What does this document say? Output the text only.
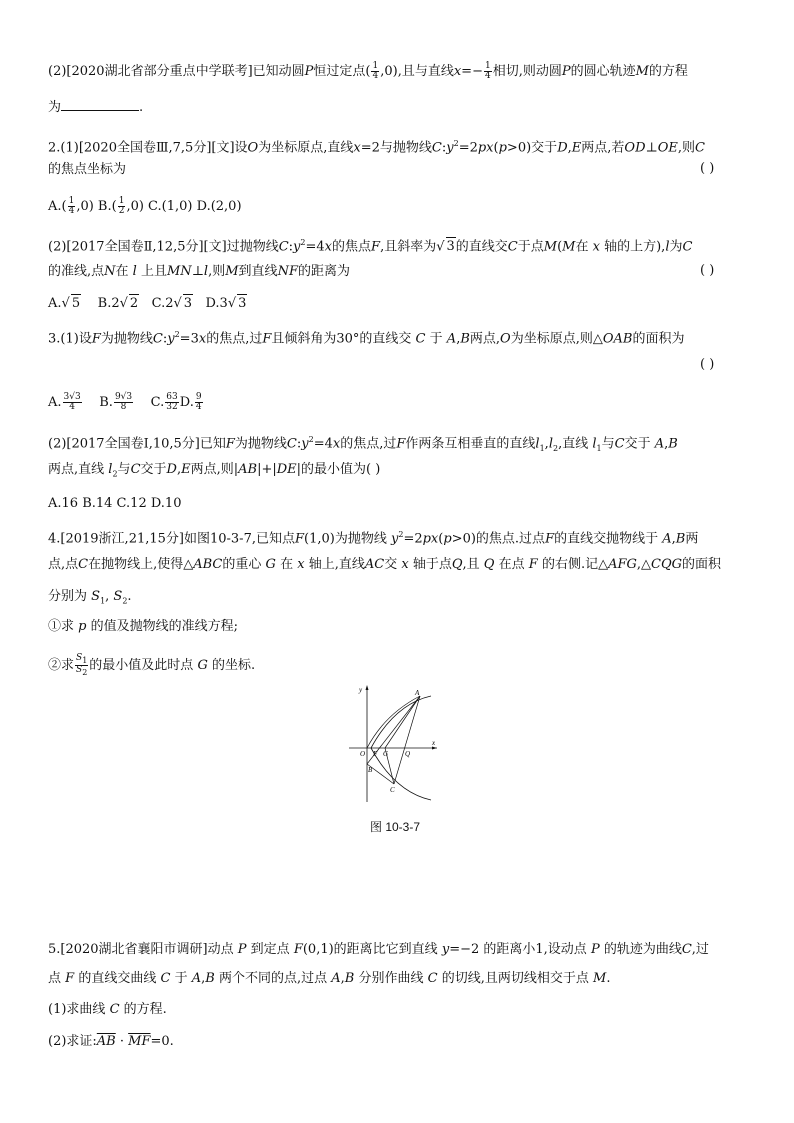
(2)[2020湖北省部分重点中学联考]已知动圆P恒过定点( $\frac{1}{4} ,0$),且与直线$x=- \frac{1}{4}$ 相切,则动圆P的圆心轨迹M的方程
为	.
2.(1)[2020全国卷Ⅲ,7,5分][文]设O为坐标原点,直线x=2与抛物线$C:y^2=2px(p>0)$交于D,E两点,若OD⊥OE,则C
的焦点坐标为	( )
$A.( \frac{1}{4} ,0)$ $B.( \frac{1}{2} ,0)$ C.(1,0) D.(2,0)
(2)[2017全国卷Ⅱ,12,5分][文]过抛物线$C:y^2=4x$的焦点F,且斜率为√ 3的直线交C于点M(M在 x 轴的上方),l为C
的准线,点N在 l 上且MN⊥l,则M到直线NF的距离为	( )
A.√ 5 B.2√ 2 C.2√ 3 D.3√ 3
3.(1)设F为抛物线$C:y^2=3x$的焦点,过F且倾斜角为30°的直线交 C 于 A,B两点,O为坐标原点,则△OAB的面积为
( )
A. $\frac{3√3}{4} B$. $\frac{9√3}{8} C$. $\frac{63}{32} D$. $\frac{9}{4}$
(2)[2017全国卷Ⅰ,10,5分]已知F为抛物线$C:y^2=4x$的焦点,过F作两条互相垂直的直线$l_1,l_2$,直线 $l_1$与C交于 A,B
两点,直线 $l_2$与C交于D,E两点,则|AB|+|DE|的最小值为( )
A.16 B.14 C.12 D.10
4.[2019浙江,21,15分]如图10-3-7,已知点F(1,0)为抛物线 $y^2=2px(p>0)$的焦点.过点F的直线交抛物线于 A,B两
点,点C在抛物线上,使得△ABC的重心 G 在 x 轴上,直线AC交 x 轴于点Q,且 Q 在点 F 的右侧.记△AFG,△CQG的面积
分别为 $S_1$, $S_2$.
①求 p 的值及抛物线的准线方程;
②求 $\frac{S_1}{S_2}$ 的最小值及此时点 G 的坐标.
y
x
O F G Q
A
B
C
图 10-3-7
5.[2020湖北省襄阳市调研]动点 P 到定点 F(0,1)的距离比它到直线 y=−2 的距离小1,设动点 P 的轨迹为曲线C,过
点 F 的直线交曲线 C 于 A,B 两个不同的点,过点 A,B 分别作曲线 C 的切线,且两切线相交于点 M.
(1)求曲线 C 的方程.
(2)求证$:\overline{AB} \cdot \overline{MF}=0$.
